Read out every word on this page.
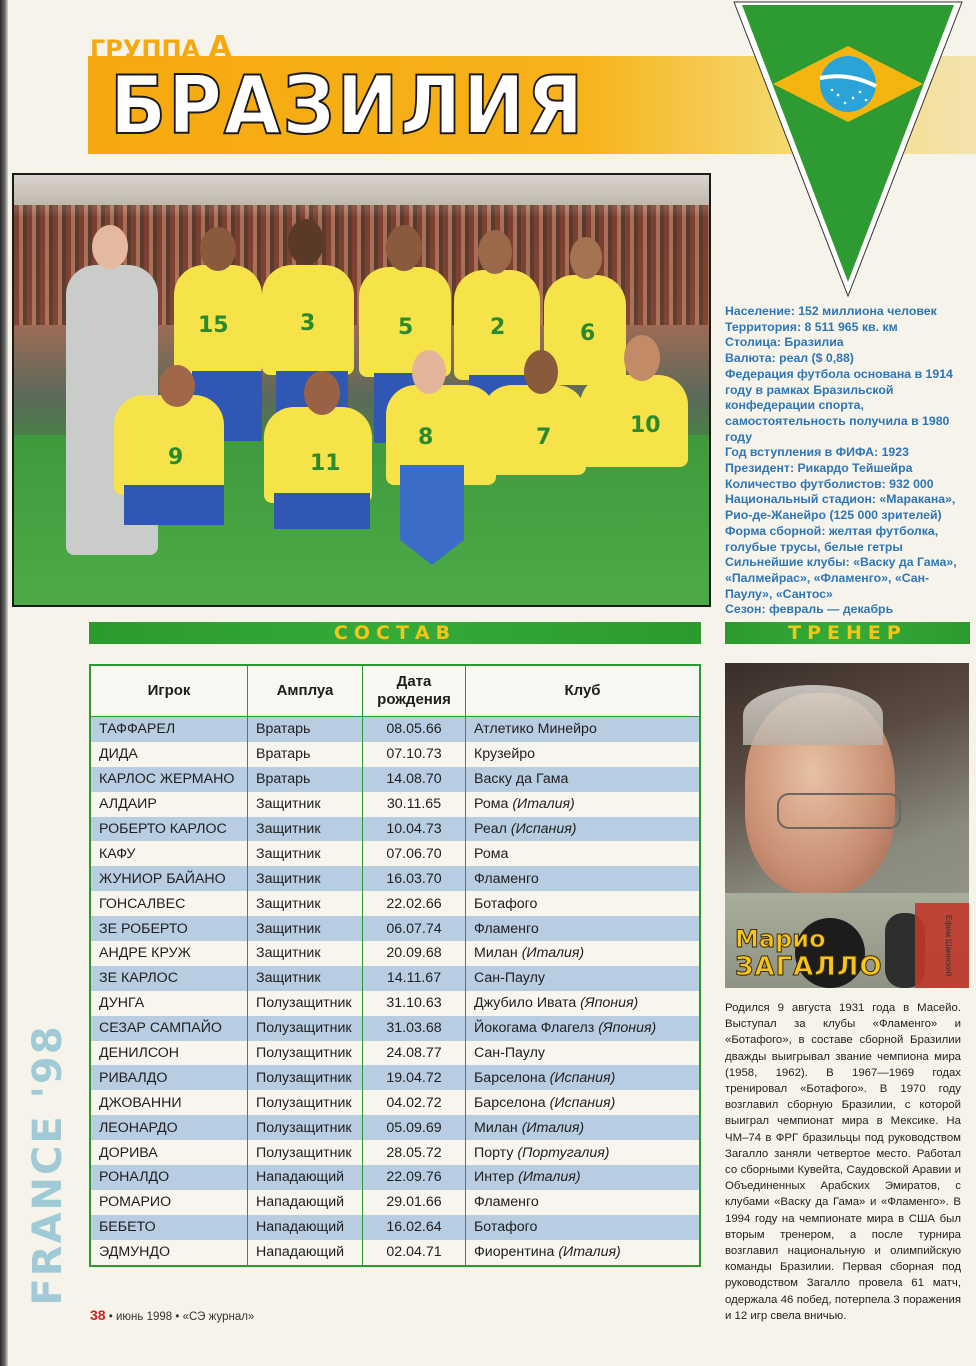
ГРУППА А
БРАЗИЛИЯ
15	3	5	2	6
9	11
8	7	10

Население: 152 миллиона человек

Территория: 8 511 965 кв. км

Столица: Бразилиа

Валюта: реал ($ 0,88)

Федерация футбола основана в 1914 году в рамках Бразильской конфедерации спорта, самостоятельность получила в 1980 году

Год вступления в ФИФА: 1923

Президент: Рикардо Тейшейра

Количество футболистов: 932 000

Национальный стадион: «Маракана», Рио-де-Жанейро (125 000 зрителей)

Форма сборной: желтая футболка, голубые трусы, белые гетры

Сильнейшие клубы: «Васку да Гама», «Палмейрас», «Фламенго», «Сан-Паулу», «Сантос»

Сезон: февраль — декабрь

СОСТАВ	ТРЕНЕР
Игрок	Амплуа	Дата рождения	Клуб
ТАФФАРЕЛ	Вратарь	08.05.66	Атлетико Минейро
ДИДА	Вратарь	07.10.73	Крузейро
КАРЛОС ЖЕРМАНО	Вратарь	14.08.70	Васку да Гама
АЛДАИР	Защитник	30.11.65	Рома (Италия)
РОБЕРТО КАРЛОС	Защитник	10.04.73	Реал (Испания)
КАФУ	Защитник	07.06.70	Рома
ЖУНИОР БАЙАНО	Защитник	16.03.70	Фламенго
ГОНСАЛВЕС	Защитник	22.02.66	Ботафого
ЗЕ РОБЕРТО	Защитник	06.07.74	Фламенго
АНДРЕ КРУЖ	Защитник	20.09.68	Милан (Италия)
ЗЕ КАРЛОС	Защитник	14.11.67	Сан-Паулу
ДУНГА	Полузащитник	31.10.63	Джубило Ивата (Япония)
СЕЗАР САМПАЙО	Полузащитник	31.03.68	Йокогама Флагелз (Япония)
ДЕНИЛСОН	Полузащитник	24.08.77	Сан-Паулу
РИВАЛДО	Полузащитник	19.04.72	Барселона (Испания)
ДЖОВАННИ	Полузащитник	04.02.72	Барселона (Испания)
ЛЕОНАРДО	Полузащитник	05.09.69	Милан (Италия)
ДОРИВА	Полузащитник	28.05.72	Порту (Португалия)
РОНАЛДО	Нападающий	22.09.76	Интер (Италия)
РОМАРИО	Нападающий	29.01.66	Фламенго
БЕБЕТО	Нападающий	16.02.64	Ботафого
ЭДМУНДО	Нападающий	02.04.71	Фиорентина (Италия)
Марио
ЗАГАЛЛО	Ефим Шаинский
Родился 9 августа 1931 года в Масейо. Выступал за клубы «Фламенго» и «Ботафого», в составе сборной Бразилии дважды выигрывал звание чемпиона мира (1958, 1962). В 1967—1969 годах тренировал «Ботафого». В 1970 году возглавил сборную Бразилии, с которой выиграл чемпионат мира в Мексике. На ЧМ–74 в ФРГ бразильцы под руководством Загалло заняли четвертое место. Работал со сборными Кувейта, Саудовской Аравии и Объединенных Арабских Эмиратов, с клубами «Васку да Гама» и «Фламенго». В 1994 году на чемпионате мира в США был вторым тренером, а после турнира возглавил национальную и олимпийскую команды Бразилии. Первая сборная под руководством Загалло провела 61 матч, одержала 46 побед, потерпела 3 поражения и 12 игр свела вничью.
FRANCE '98
38 • июнь 1998 • «СЭ журнал»
